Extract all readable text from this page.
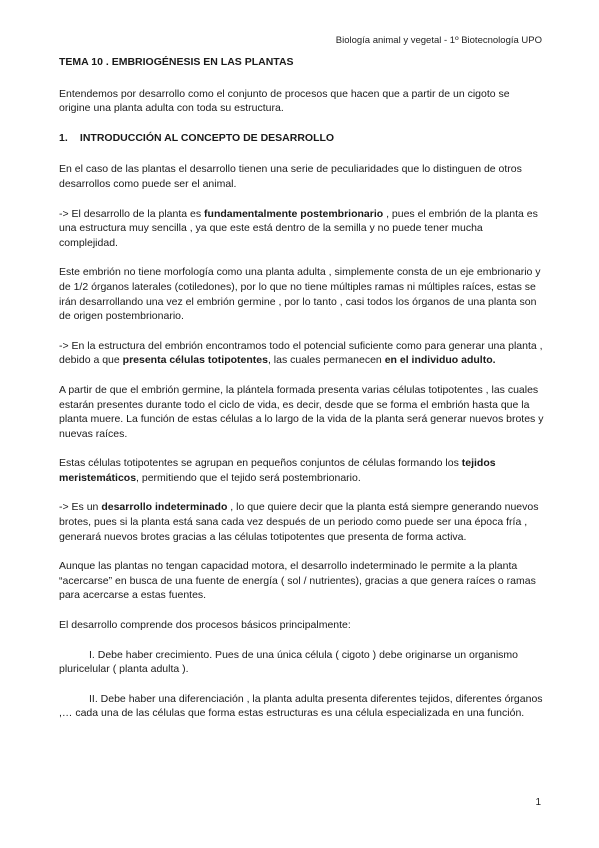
Biología animal y vegetal - 1º Biotecnología UPO
TEMA 10 . EMBRIOGÉNESIS EN LAS PLANTAS

Entendemos por desarrollo como el conjunto de procesos que hacen que a partir de un cigoto se origine una planta adulta con toda su estructura.

1. INTRODUCCIÓN AL CONCEPTO DE DESARROLLO

En el caso de las plantas el desarrollo tienen una serie de peculiaridades que lo distinguen de otros desarrollos como puede ser el animal.

-> El desarrollo de la planta es fundamentalmente postembrionario , pues el embrión de la planta es una estructura muy sencilla , ya que este está dentro de la semilla y no puede tener mucha complejidad.

Este embrión no tiene morfología como una planta adulta , simplemente consta de un eje embrionario y de 1/2 órganos laterales (cotiledones), por lo que no tiene múltiples ramas ni múltiples raíces, estas se irán desarrollando una vez el embrión germine , por lo tanto , casi todos los órganos de una planta son de origen postembrionario.

-> En la estructura del embrión encontramos todo el potencial suficiente como para generar una planta , debido a que presenta células totipotentes, las cuales permanecen en el individuo adulto.

A partir de que el embrión germine, la plántela formada presenta varias células totipotentes , las cuales estarán presentes durante todo el ciclo de vida, es decir, desde que se forma el embrión hasta que la planta muere. La función de estas células a lo largo de la vida de la planta será generar nuevos brotes y nuevas raíces.

Estas células totipotentes se agrupan en pequeños conjuntos de células formando los tejidos meristemáticos, permitiendo que el tejido será postembrionario.

-> Es un desarrollo indeterminado , lo que quiere decir que la planta está siempre generando nuevos brotes, pues si la planta está sana cada vez después de un periodo como puede ser una época fría , generará nuevos brotes gracias a las células totipotentes que presenta de forma activa.

Aunque las plantas no tengan capacidad motora, el desarrollo indeterminado le permite a la planta “acercarse” en busca de una fuente de energía ( sol / nutrientes), gracias a que genera raíces o ramas para acercarse a estas fuentes.

El desarrollo comprende dos procesos básicos principalmente:

I. Debe haber crecimiento. Pues de una única célula ( cigoto ) debe originarse un organismo pluricelular ( planta adulta ).

II. Debe haber una diferenciación , la planta adulta presenta diferentes tejidos, diferentes órganos ,… cada una de las células que forma estas estructuras es una célula especializada en una función.

1
